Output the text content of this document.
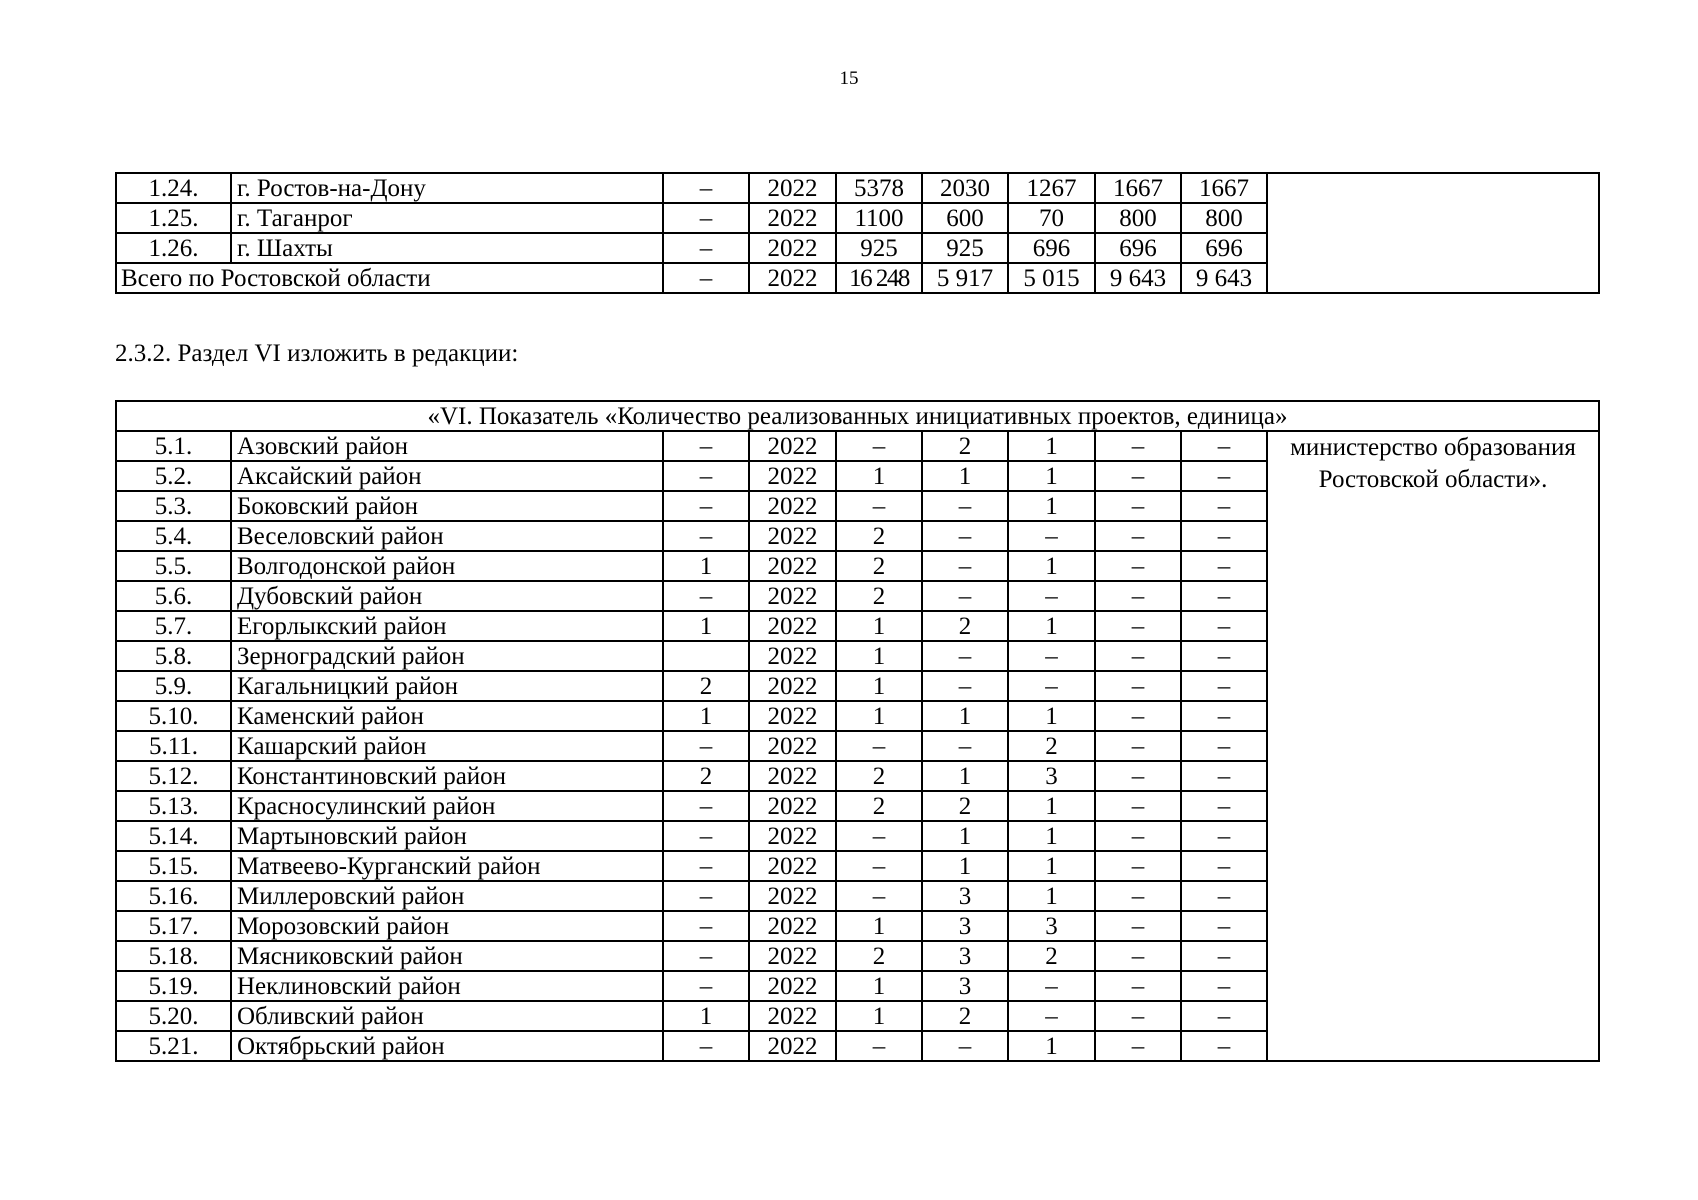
15
1.24.	г. Ростов-на-Дону	–	2022	5378	2030	1267	1667	1667	
1.25.	г. Таганрог	–	2022	1100	600	70	800	800	
1.26.	г. Шахты	–	2022	925	925	696	696	696	
Всего по Ростовской области		–	2022	16 248	5 917	5 015	9 643	9 643	

2.3.2. Раздел VI изложить в редакции:

«VI. Показатель «Количество реализованных инициативных проектов, единица»									
5.1.	Азовский район	–	2022	–	2	1	–	–	министерство образования Ростовской области».
5.2.	Аксайский район	–	2022	1	1	1	–	–	
5.3.	Боковский район	–	2022	–	–	1	–	–	
5.4.	Веселовский район	–	2022	2	–	–	–	–	
5.5.	Волгодонской район	1	2022	2	–	1	–	–	
5.6.	Дубовский район	–	2022	2	–	–	–	–	
5.7.	Егорлыкский район	1	2022	1	2	1	–	–	
5.8.	Зерноградский район		2022	1	–	–	–	–	
5.9.	Кагальницкий район	2	2022	1	–	–	–	–	
5.10.	Каменский район	1	2022	1	1	1	–	–	
5.11.	Кашарский район	–	2022	–	–	2	–	–	
5.12.	Константиновский район	2	2022	2	1	3	–	–	
5.13.	Красносулинский район	–	2022	2	2	1	–	–	
5.14.	Мартыновский район	–	2022	–	1	1	–	–	
5.15.	Матвеево-Курганский район	–	2022	–	1	1	–	–	
5.16.	Миллеровский район	–	2022	–	3	1	–	–	
5.17.	Морозовский район	–	2022	1	3	3	–	–	
5.18.	Мясниковский район	–	2022	2	3	2	–	–	
5.19.	Неклиновский район	–	2022	1	3	–	–	–	
5.20.	Обливский район	1	2022	1	2	–	–	–	
5.21.	Октябрьский район	–	2022	–	–	1	–	–	
